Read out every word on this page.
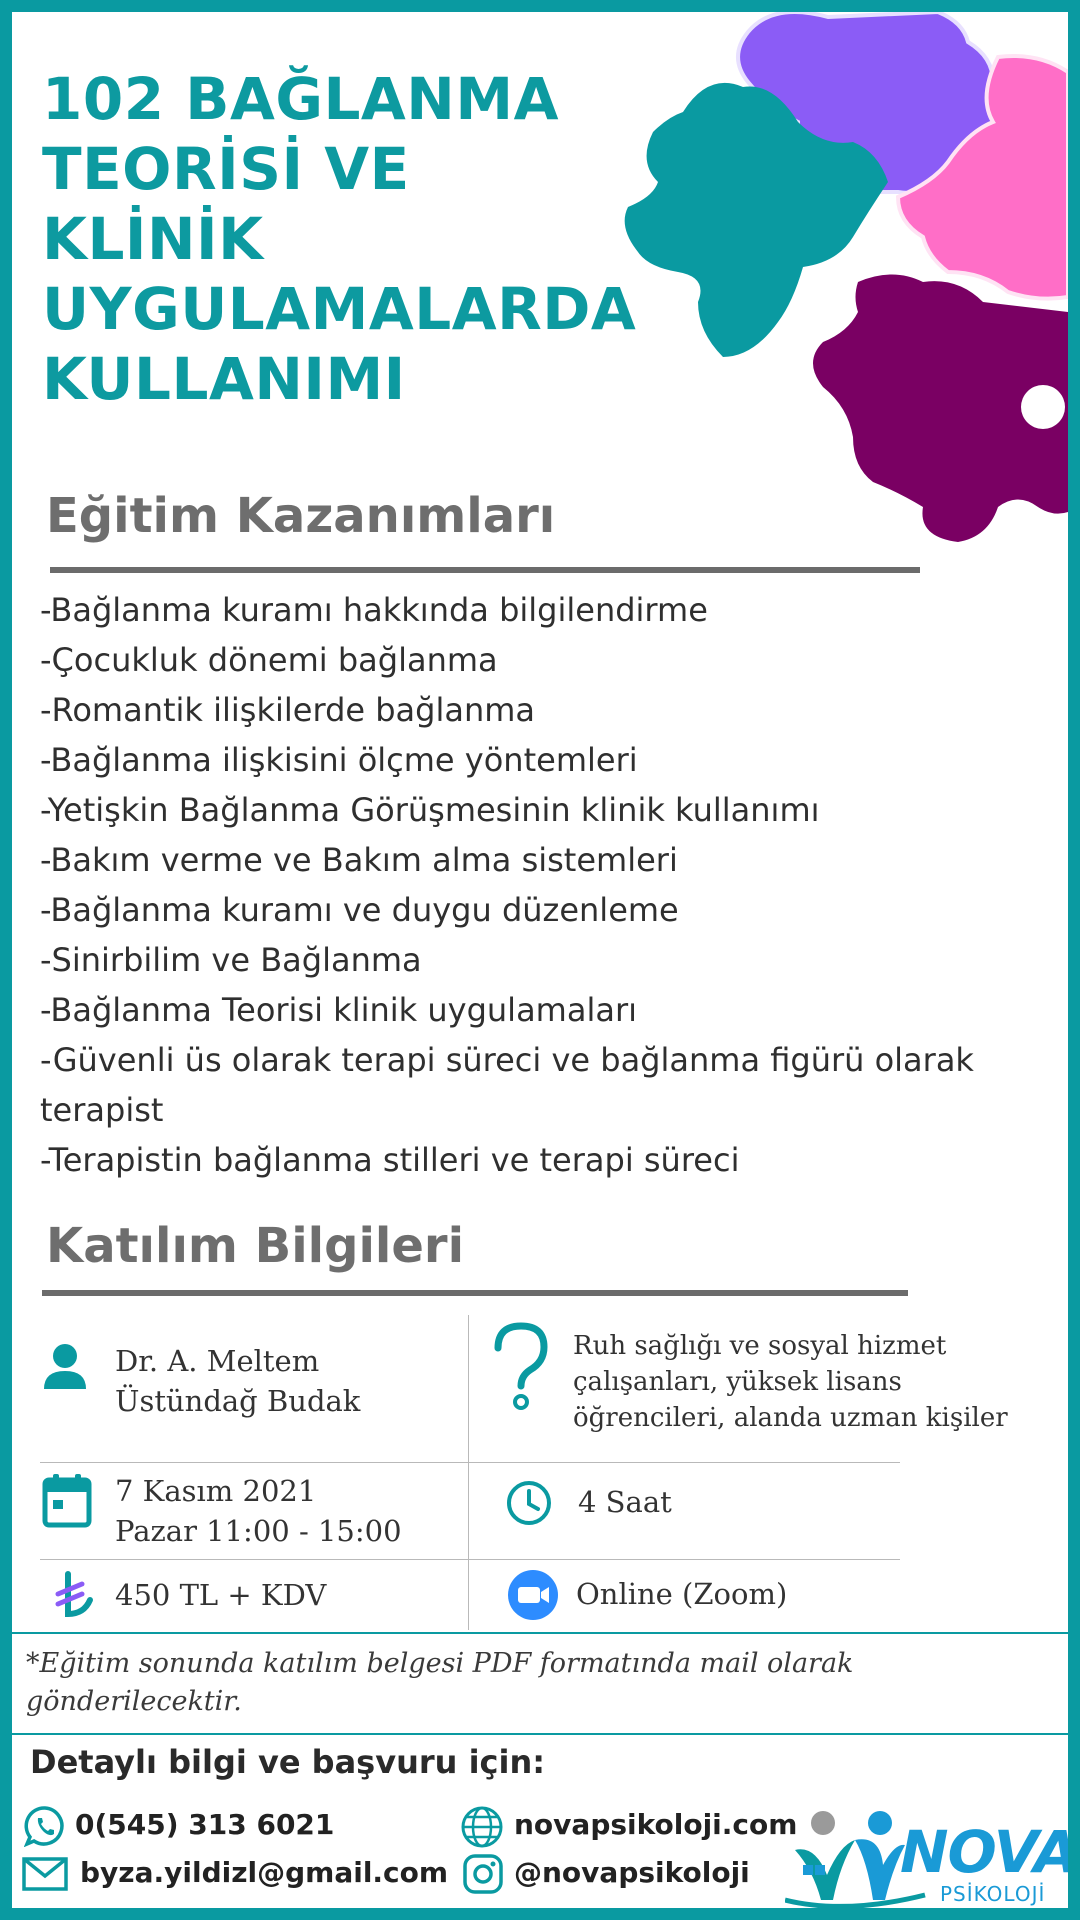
102 BAĞLANMA
TEORİSİ VE
KLİNİK
UYGULAMALARDA
KULLANIMI
Eğitim Kazanımları
-Bağlanma kuramı hakkında bilgilendirme
-Çocukluk dönemi bağlanma
-Romantik ilişkilerde bağlanma
-Bağlanma ilişkisini ölçme yöntemleri
-Yetişkin Bağlanma Görüşmesinin klinik kullanımı
-Bakım verme ve Bakım alma sistemleri
-Bağlanma kuramı ve duygu düzenleme
-Sinirbilim ve Bağlanma
-Bağlanma Teorisi klinik uygulamaları
-Güvenli üs olarak terapi süreci ve bağlanma figürü olarak
terapist
-Terapistin bağlanma stilleri ve terapi süreci
Katılım Bilgileri
Dr. A. Meltem
Üstündağ Budak
Ruh sağlığı ve sosyal hizmet
çalışanları, yüksek lisans
öğrencileri, alanda uzman kişiler
7 Kasım 2021
Pazar 11:00 - 15:00
4 Saat
450 TL + KDV	Online (Zoom)
*Eğitim sonunda katılım belgesi PDF formatında mail olarak
gönderilecektir.
Detaylı bilgi ve başvuru için:
0(545) 313 6021
byza.yildizl@gmail.com
novapsikoloji.com
@novapsikoloji	NOVA
PSİKOLOJİ
